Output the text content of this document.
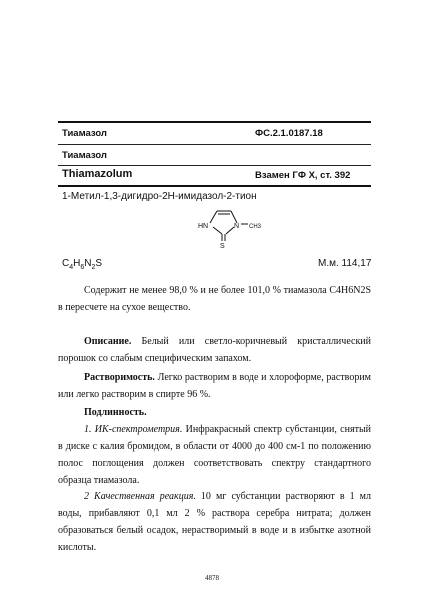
Тиамазол	ФС.2.1.0187.18
Тиамазол
Thiamazolum	Взамен ГФ X, ст. 392
1-Метил-1,3-дигидро-2Н-имидазол-2-тион
HN	N CH3
S
$C_4H_6N_2S$	М.м. 114,17
Содержит не менее 98,0 % и не более 101,0 % тиамазола C4H6N2S в пересчете на сухое вещество.
Описание. Белый или светло-коричневый кристаллический порошок со слабым специфическим запахом.
Растворимость. Легко растворим в воде и хлороформе, растворим или легко растворим в спирте 96 %.
Подлинность.
1. ИК-спектрометрия. Инфракрасный спектр субстанции, снятый в диске с калия бромидом, в области от 4000 до 400 см-1 по положению полос поглощения должен соответствовать спектру стандартного образца тиамазола.
2 Качественная реакция. 10 мг субстанции растворяют в 1 мл воды, прибавляют 0,1 мл 2 % раствора серебра нитрата; должен образоваться белый осадок, нерастворимый в воде и в избытке азотной кислоты.
4878
